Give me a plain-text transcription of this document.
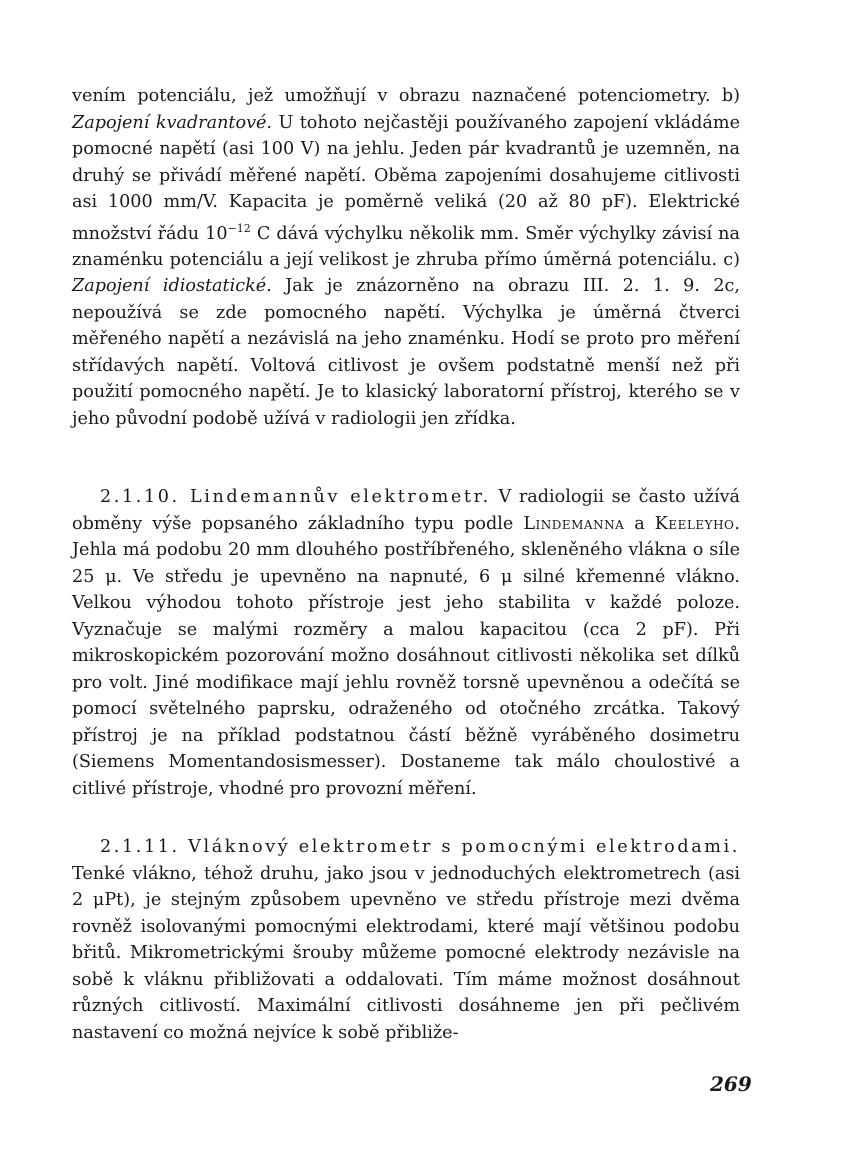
vením potenciálu, jež umožňují v obrazu naznačené potenciometry. b) Zapojení kvadrantové. U tohoto nejčastěji používaného zapojení vkládáme pomocné napětí (asi 100 V) na jehlu. Jeden pár kvadrantů je uzemněn, na druhý se přivádí měřené napětí. Oběma zapojeními dosahujeme citlivosti asi 1000 mm/V. Kapacita je poměrně veliká (20 až 80 pF). Elektrické množství řádu $10^{-12}$ C dává výchylku několik mm. Směr výchylky závisí na znaménku potenciálu a její velikost je zhruba přímo úměrná potenciálu. c) Zapojení idiostatické. Jak je znázorněno na obrazu III. 2. 1. 9. 2c, nepoužívá se zde pomocného napětí. Výchylka je úměrná čtverci měřeného napětí a nezávislá na jeho znaménku. Hodí se proto pro měření střídavých napětí. Voltová citlivost je ovšem podstatně menší než při použití pomocného napětí. Je to klasický laboratorní přístroj, kterého se v jeho původní podobě užívá v radiologii jen zřídka.

2.1.10. Lindemannův elektrometr. V radiologii se často užívá obměny výše popsaného základního typu podle Lindemanna a Keeleyho. Jehla má podobu 20 mm dlouhého postříbřeného, skleněného vlákna o síle 25 μ. Ve středu je upevněno na napnuté, 6 μ silné křemenné vlákno. Velkou výhodou tohoto přístroje jest jeho stabilita v každé poloze. Vyznačuje se malými rozměry a malou kapacitou (cca 2 pF). Při mikroskopickém pozorování možno dosáhnout citlivosti několika set dílků pro volt. Jiné modifikace mají jehlu rovněž torsně upevněnou a odečítá se pomocí světelného paprsku, odraženého od otočného zrcátka. Takový přístroj je na příklad podstatnou částí běžně vyráběného dosimetru (Siemens Momentandosismesser). Dostaneme tak málo choulostivé a citlivé přístroje, vhodné pro provozní měření.

2.1.11. Vláknový elektrometr s pomocnými elektrodami. Tenké vlákno, téhož druhu, jako jsou v jednoduchých elektrometrech (asi 2 μPt), je stejným způsobem upevněno ve středu přístroje mezi dvěma rovněž isolovanými pomocnými elektrodami, které mají většinou podobu břitů. Mikrometrickými šrouby můžeme pomocné elektrody nezávisle na sobě k vláknu přibližovati a oddalovati. Tím máme možnost dosáhnout různých citlivostí. Maximální citlivosti dosáhneme jen při pečlivém nastavení co možná nejvíce k sobě přibliže-

269
